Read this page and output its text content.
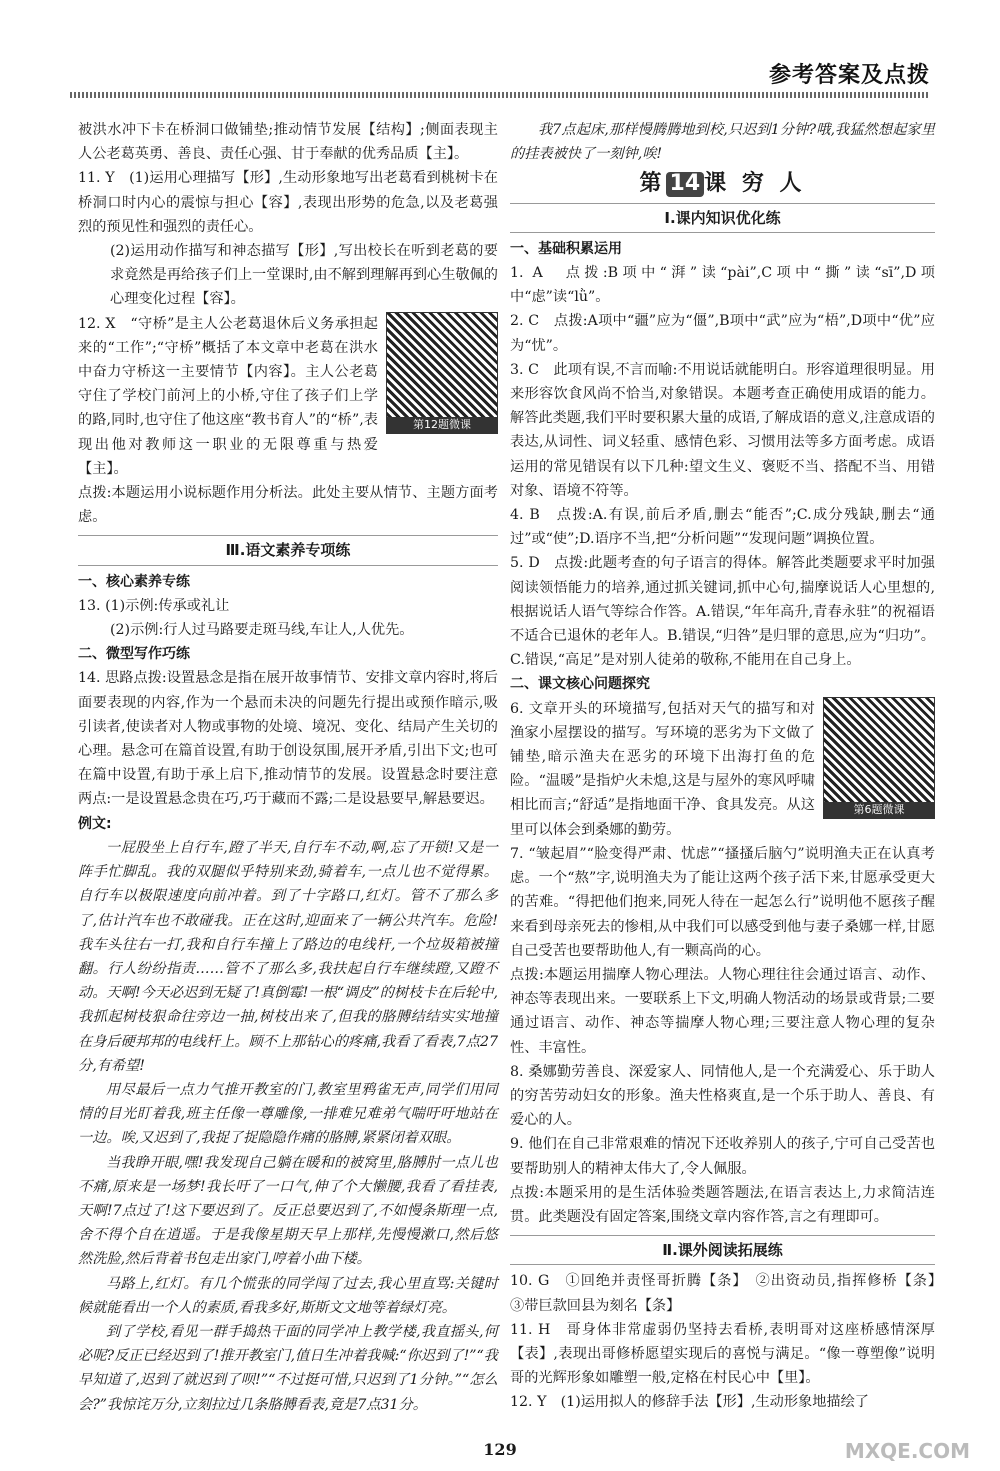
参考答案及点拨

被洪水冲下卡在桥洞口做铺垫;推动情节发展【结构】;侧面表现主人公老葛英勇、善良、责任心强、甘于奉献的优秀品质【主】。

11. Y　(1)运用心理描写【形】,生动形象地写出老葛看到桃树卡在桥洞口时内心的震惊与担心【容】,表现出形势的危急,以及老葛强烈的预见性和强烈的责任心。

(2)运用动作描写和神态描写【形】,写出校长在听到老葛的要求竟然是再给孩子们上一堂课时,由不解到理解再到心生敬佩的心理变化过程【容】。

第12题微课

12. X　“守桥”是主人公老葛退休后义务承担起来的“工作”;“守桥”概括了本文章中老葛在洪水中奋力守桥这一主要情节【内容】。主人公老葛守住了学校门前河上的小桥,守住了孩子们上学的路,同时,也守住了他这座“教书育人”的“桥”,表现出他对教师这一职业的无限尊重与热爱【主】。

点拨:本题运用小说标题作用分析法。此处主要从情节、主题方面考虑。

Ⅲ.语文素养专项练
一、核心素养专练

13. (1)示例:传承或礼让

(2)示例:行人过马路要走斑马线,车让人,人优先。

二、微型写作巧练

14. 思路点拨:设置悬念是指在展开故事情节、安排文章内容时,将后面要表现的内容,作为一个悬而未决的问题先行提出或预作暗示,吸引读者,使读者对人物或事物的处境、境况、变化、结局产生关切的心理。悬念可在篇首设置,有助于创设氛围,展开矛盾,引出下文;也可在篇中设置,有助于承上启下,推动情节的发展。设置悬念时要注意两点:一是设置悬念贵在巧,巧于藏而不露;二是设悬要早,解悬要迟。

例文:

一屁股坐上自行车,蹬了半天,自行车不动,啊,忘了开锁!又是一阵手忙脚乱。我的双腿似乎特别来劲,骑着车,一点儿也不觉得累。自行车以极限速度向前冲着。到了十字路口,红灯。管不了那么多了,估计汽车也不敢碰我。正在这时,迎面来了一辆公共汽车。危险!我车头往右一打,我和自行车撞上了路边的电线杆,一个垃圾箱被撞翻。行人纷纷指责……管不了那么多,我扶起自行车继续蹬,又蹬不动。天啊!今天必迟到无疑了!真倒霉!一根“调皮”的树枝卡在后轮中,我抓起树枝狠命往旁边一抽,树枝出来了,但我的胳膊结结实实地撞在身后硬邦邦的电线杆上。顾不上那钻心的疼痛,我看了看表,7点27分,有希望!

用尽最后一点力气推开教室的门,教室里鸦雀无声,同学们用同情的目光盯着我,班主任像一尊雕像,一排难兄难弟气喘吁吁地站在一边。唉,又迟到了,我捉了捉隐隐作痛的胳膊,紧紧闭着双眼。

当我睁开眼,嘿!我发现自己躺在暖和的被窝里,胳膊肘一点儿也不痛,原来是一场梦!我长吁了一口气,伸了个大懒腰,我看了看挂表,天啊!7点过了!这下要迟到了。反正总要迟到了,不如慢条斯理一点,舍不得个自在逍遥。于是我像星期天早上那样,先慢慢漱口,然后悠然洗脸,然后背着书包走出家门,哼着小曲下楼。

马路上,红灯。有几个慌张的同学闯了过去,我心里直骂:关键时候就能看出一个人的素质,看我多好,斯斯文文地等着绿灯亮。

到了学校,看见一群手捣热干面的同学冲上教学楼,我直摇头,何必呢?反正已经迟到了!推开教室门,值日生冲着我喊:“你迟到了!”“我早知道了,迟到了就迟到了呗!”“不过挺可惜,只迟到了1分钟。”“怎么会?”我惊诧万分,立刻拉过几条胳膊看表,竟是7点31分。

我7点起床,那样慢腾腾地到校,只迟到1分钟?哦,我猛然想起家里的挂表被快了一刻钟,唉!

第 14 课 穷 人
Ⅰ.课内知识优化练
一、基础积累运用

1. A　点拨:B项中“湃”读“pài”,C项中“撕”读“sī”,D项中“虑”读“lǜ”。

2. C　点拨:A项中“疆”应为“僵”,B项中“武”应为“梧”,D项中“优”应为“忧”。

3. C　此项有误,不言而喻:不用说话就能明白。形容道理很明显。用来形容饮食风尚不恰当,对象错误。本题考查正确使用成语的能力。解答此类题,我们平时要积累大量的成语,了解成语的意义,注意成语的表达,从词性、词义轻重、感情色彩、习惯用法等多方面考虑。成语运用的常见错误有以下几种:望文生义、褒贬不当、搭配不当、用错对象、语境不符等。

4. B　点拨:A.有误,前后矛盾,删去“能否”;C.成分残缺,删去“通过”或“使”;D.语序不当,把“分析问题”“发现问题”调换位置。

5. D　点拨:此题考查的句子语言的得体。解答此类题要求平时加强阅读领悟能力的培养,通过抓关键词,抓中心句,揣摩说话人心里想的,根据说话人语气等综合作答。A.错误,“年年高升,青春永驻”的祝福语不适合已退休的老年人。B.错误,“归咎”是归罪的意思,应为“归功”。C.错误,“高足”是对别人徒弟的敬称,不能用在自己身上。

二、课文核心问题探究
第6题微课

6. 文章开头的环境描写,包括对天气的描写和对渔家小屋摆设的描写。写环境的恶劣为下文做了铺垫,暗示渔夫在恶劣的环境下出海打鱼的危险。“温暖”是指炉火未熄,这是与屋外的寒风呼啸相比而言;“舒适”是指地面干净、食具发亮。从这里可以体会到桑娜的勤劳。

7. “皱起眉”“脸变得严肃、忧虑”“搔搔后脑勺”说明渔夫正在认真考虑。一个“熬”字,说明渔夫为了能让这两个孩子活下来,甘愿承受更大的苦难。“得把他们抱来,同死人待在一起怎么行”说明他不愿孩子醒来看到母亲死去的惨相,从中我们可以感受到他与妻子桑娜一样,甘愿自己受苦也要帮助他人,有一颗高尚的心。

点拨:本题运用揣摩人物心理法。人物心理往往会通过语言、动作、神态等表现出来。一要联系上下文,明确人物活动的场景或背景;二要通过语言、动作、神态等揣摩人物心理;三要注意人物心理的复杂性、丰富性。

8. 桑娜勤劳善良、深爱家人、同情他人,是一个充满爱心、乐于助人的穷苦劳动妇女的形象。渔夫性格爽直,是一个乐于助人、善良、有爱心的人。

9. 他们在自己非常艰难的情况下还收养别人的孩子,宁可自己受苦也要帮助别人的精神太伟大了,令人佩服。

点拨:本题采用的是生活体验类题答题法,在语言表达上,力求简洁连贯。此类题没有固定答案,围绕文章内容作答,言之有理即可。

Ⅱ.课外阅读拓展练

10. G　①回绝并责怪哥折腾【条】　②出资动员,指挥修桥【条】　③带巨款回县为刻名【条】

11. H　哥身体非常虚弱仍坚持去看桥,表明哥对这座桥感情深厚【表】,表现出哥修桥愿望实现后的喜悦与满足。“像一尊塑像”说明哥的光辉形象如雕塑一般,定格在村民心中【里】。

12. Y　(1)运用拟人的修辞手法【形】,生动形象地描绘了

129	MXQE.COM
